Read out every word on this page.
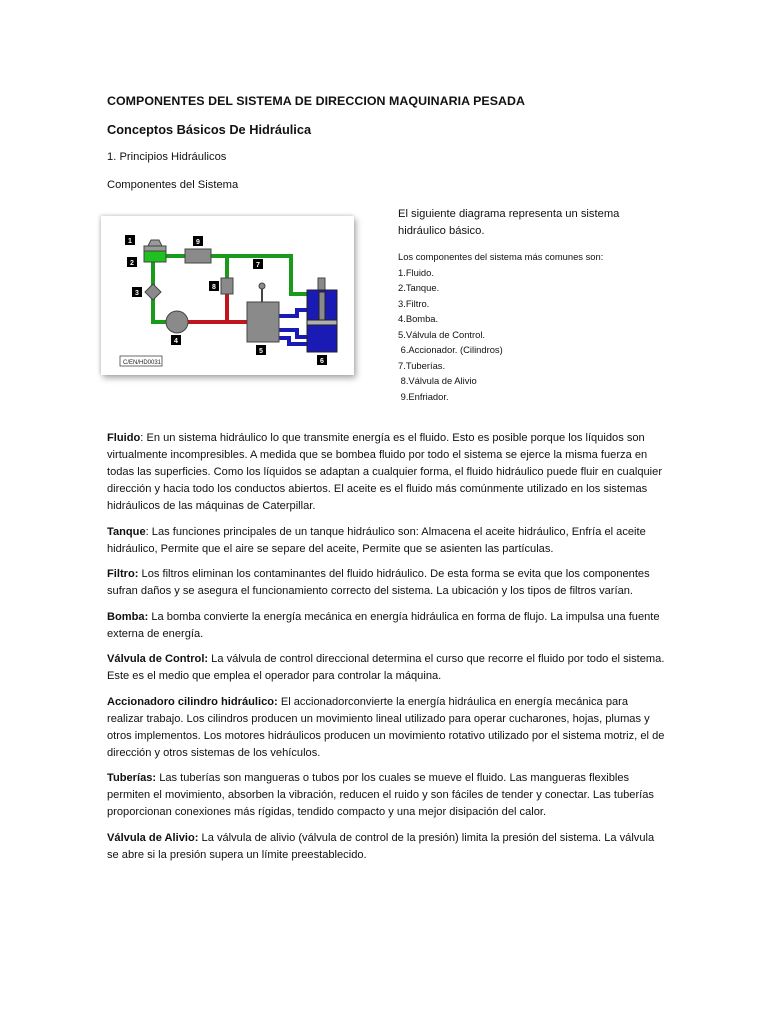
COMPONENTES DEL SISTEMA DE DIRECCION MAQUINARIA PESADA
Conceptos Básicos De Hidráulica
1. Principios Hidráulicos
Componentes del Sistema
1
2
3
4
5
6
7
8
9
C/EN/HD0031
El siguiente diagrama representa un sistema hidráulico básico.
Los componentes del sistema más comunes son:
1.Fluido.
2.Tanque.
3.Filtro.
4.Bomba.
5.Válvula de Control.
6.Accionador. (Cilindros)
7.Tuberías.
8.Válvula de Alivio
9.Enfriador.

Fluido: En un sistema hidráulico lo que transmite energía es el fluido. Esto es posible porque los líquidos son virtualmente incompresibles. A medida que se bombea fluido por todo el sistema se ejerce la misma fuerza en todas las superficies. Como los líquidos se adaptan a cualquier forma, el fluido hidráulico puede fluir en cualquier dirección y hacia todo los conductos abiertos. El aceite es el fluido más comúnmente utilizado en los sistemas hidráulicos de las máquinas de Caterpillar.

Tanque: Las funciones principales de un tanque hidráulico son: Almacena el aceite hidráulico, Enfría el aceite hidráulico, Permite que el aire se separe del aceite, Permite que se asienten las partículas.

Filtro: Los filtros eliminan los contaminantes del fluido hidráulico. De esta forma se evita que los componentes sufran daños y se asegura el funcionamiento correcto del sistema. La ubicación y los tipos de filtros varían.

Bomba: La bomba convierte la energía mecánica en energía hidráulica en forma de flujo. La impulsa una fuente externa de energía.

Válvula de Control: La válvula de control direccional determina el curso que recorre el fluido por todo el sistema. Este es el medio que emplea el operador para controlar la máquina.

Accionadoro cilindro hidráulico: El accionadorconvierte la energía hidráulica en energía mecánica para realizar trabajo. Los cilindros producen un movimiento lineal utilizado para operar cucharones, hojas, plumas y otros implementos. Los motores hidráulicos producen un movimiento rotativo utilizado por el sistema motriz, el de dirección y otros sistemas de los vehículos.

Tuberías: Las tuberías son mangueras o tubos por los cuales se mueve el fluido. Las mangueras flexibles permiten el movimiento, absorben la vibración, reducen el ruido y son fáciles de tender y conectar. Las tuberías proporcionan conexiones más rígidas, tendido compacto y una mejor disipación del calor.

Válvula de Alivio: La válvula de alivio (válvula de control de la presión) limita la presión del sistema. La válvula se abre si la presión supera un límite preestablecido.
